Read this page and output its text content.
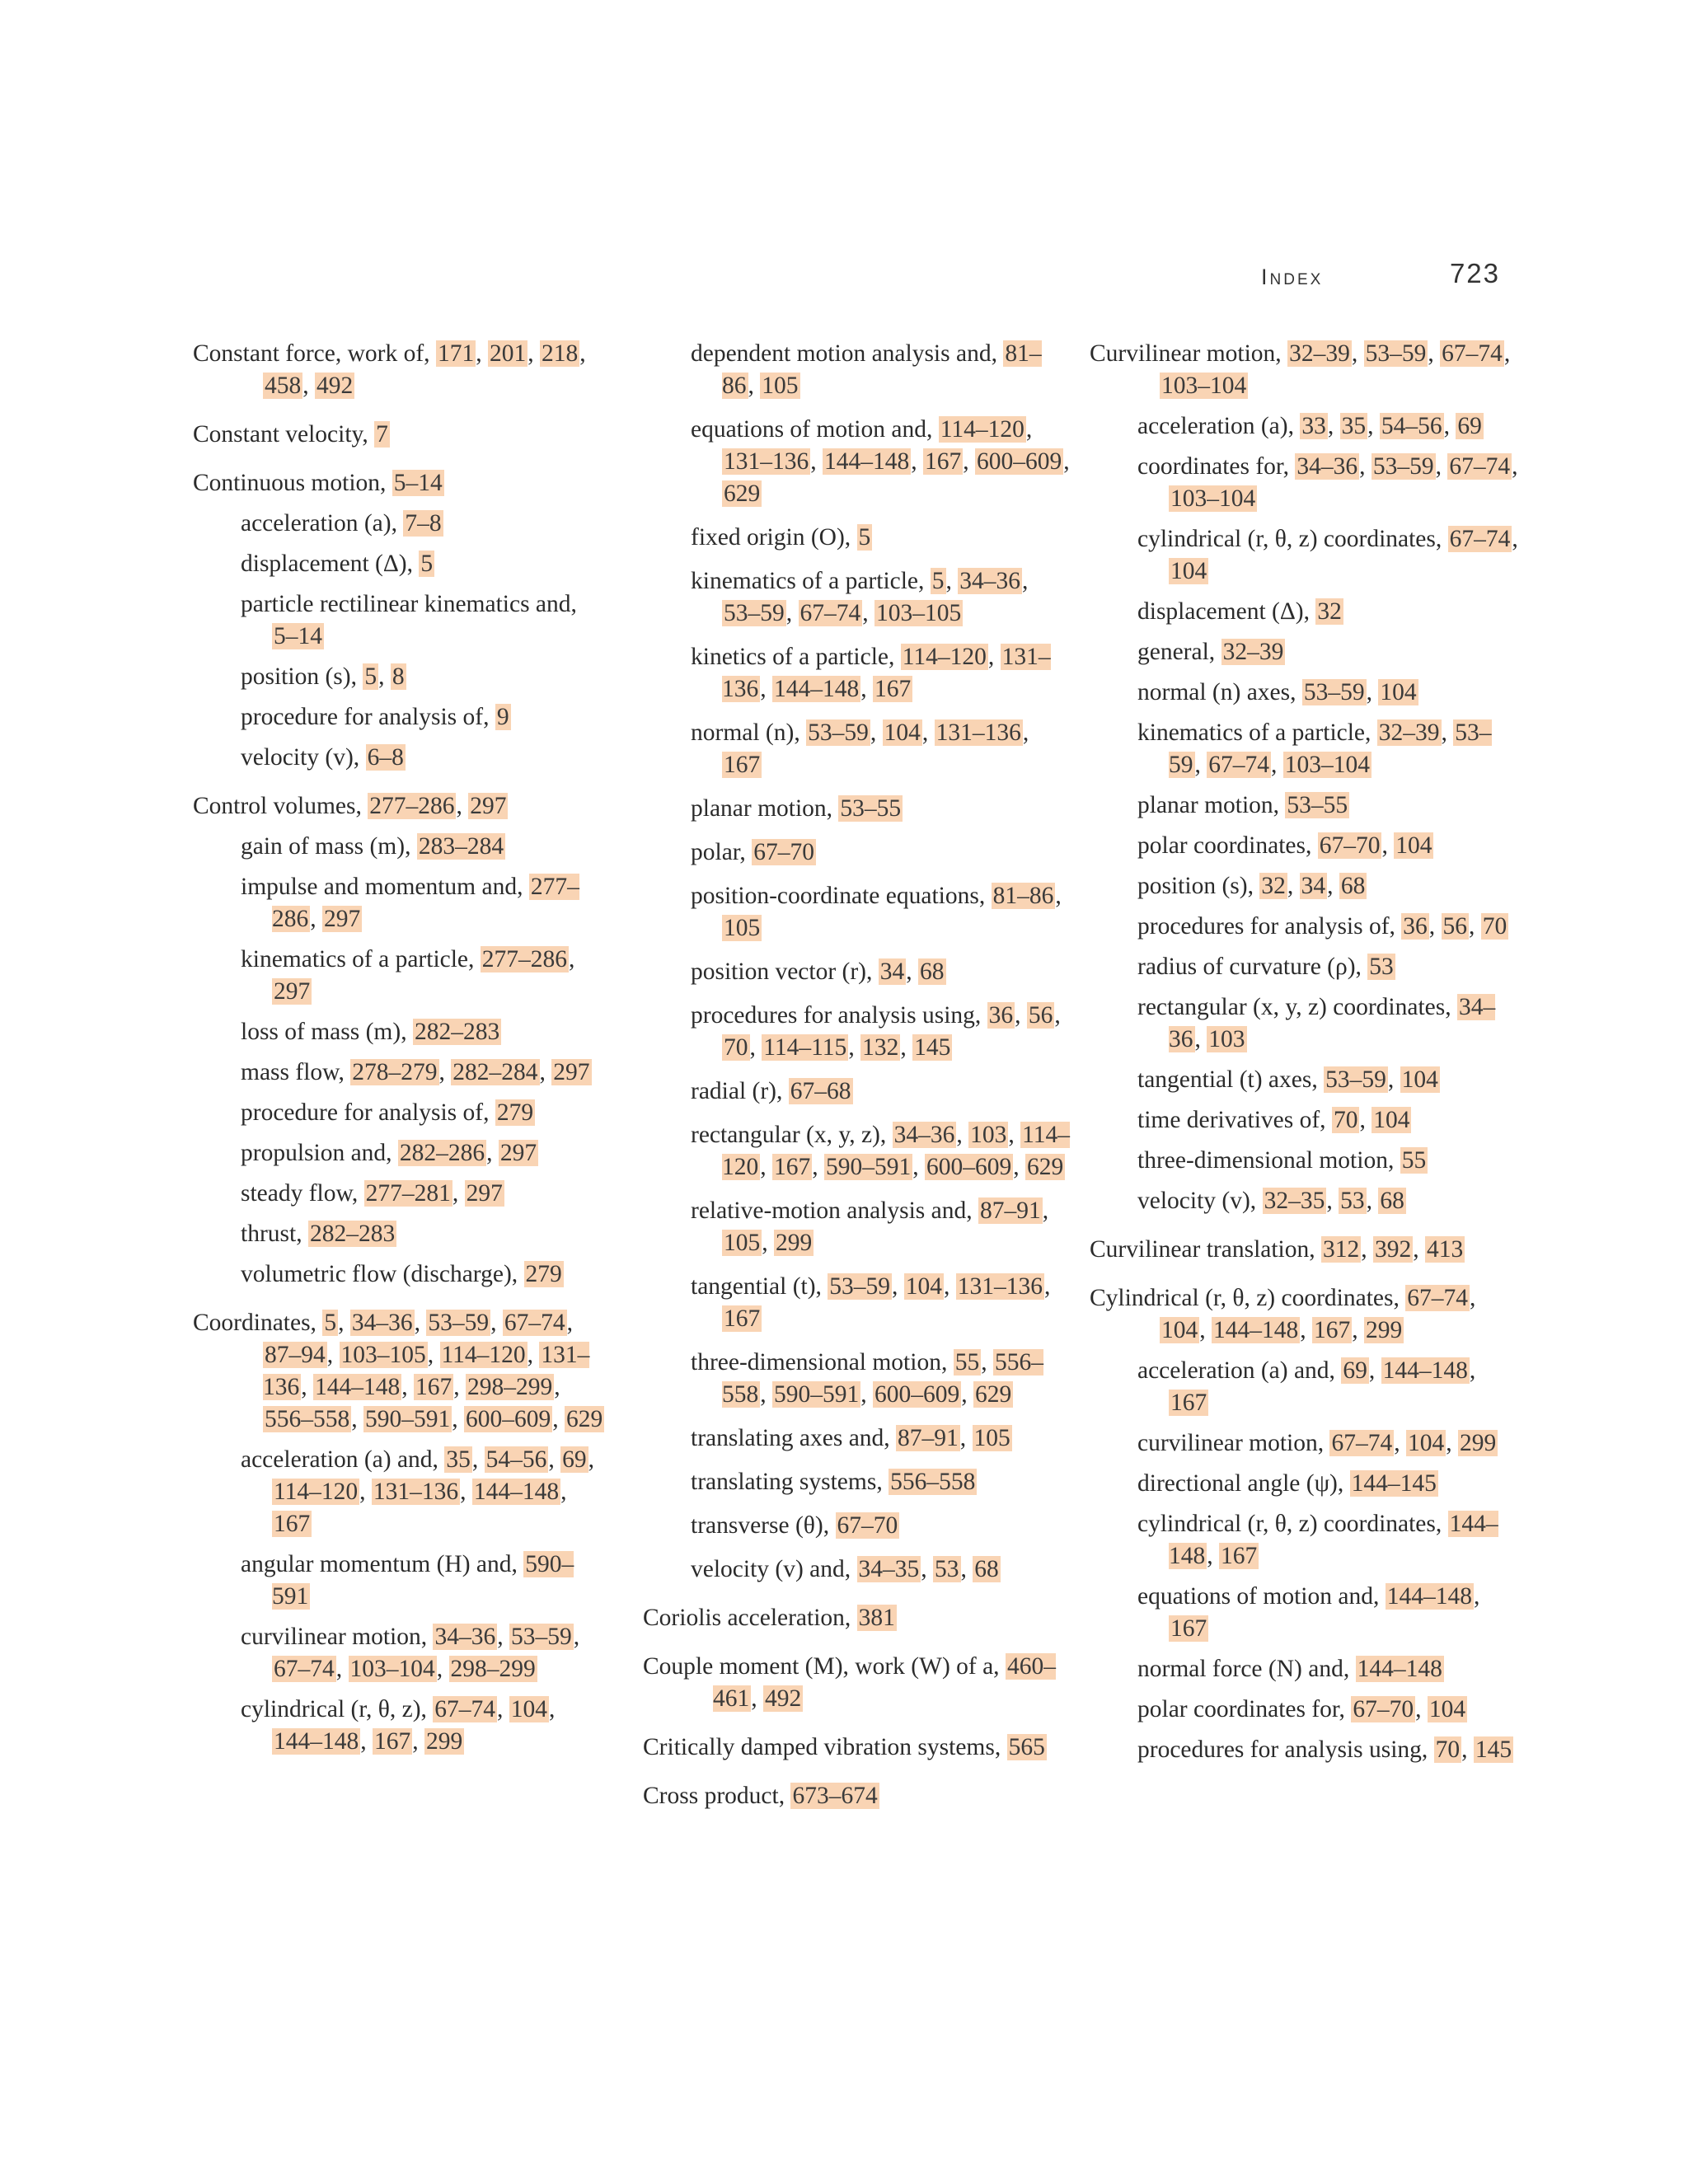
Index	723

Constant force, work of, 171, 201, 218, 458, 492

Constant velocity, 7

Continuous motion, 5–14

acceleration (a), 7–8

displacement (Δ), 5

particle rectilinear kinematics and, 5–14

position (s), 5, 8

procedure for analysis of, 9

velocity (v), 6–8

Control volumes, 277–286, 297

gain of mass (m), 283–284

impulse and momentum and, 277–286, 297

kinematics of a particle, 277–286, 297

loss of mass (m), 282–283

mass flow, 278–279, 282–284, 297

procedure for analysis of, 279

propulsion and, 282–286, 297

steady flow, 277–281, 297

thrust, 282–283

volumetric flow (discharge), 279

Coordinates, 5, 34–36, 53–59, 67–74, 87–94, 103–105, 114–120, 131–136, 144–148, 167, 298–299, 556–558, 590–591, 600–609, 629

acceleration (a) and, 35, 54–56, 69, 114–120, 131–136, 144–148, 167

angular momentum (H) and, 590–591

curvilinear motion, 34–36, 53–59, 67–74, 103–104, 298–299

cylindrical (r, θ, z), 67–74, 104, 144–148, 167, 299

dependent motion analysis and, 81–86, 105

equations of motion and, 114–120, 131–136, 144–148, 167, 600–609, 629

fixed origin (O), 5

kinematics of a particle, 5, 34–36, 53–59, 67–74, 103–105

kinetics of a particle, 114–120, 131–136, 144–148, 167

normal (n), 53–59, 104, 131–136, 167

planar motion, 53–55

polar, 67–70

position-coordinate equations, 81–86, 105

position vector (r), 34, 68

procedures for analysis using, 36, 56, 70, 114–115, 132, 145

radial (r), 67–68

rectangular (x, y, z), 34–36, 103, 114–120, 167, 590–591, 600–609, 629

relative-motion analysis and, 87–91, 105, 299

tangential (t), 53–59, 104, 131–136, 167

three-dimensional motion, 55, 556–558, 590–591, 600–609, 629

translating axes and, 87–91, 105

translating systems, 556–558

transverse (θ), 67–70

velocity (v) and, 34–35, 53, 68

Coriolis acceleration, 381

Couple moment (M), work (W) of a, 460–461, 492

Critically damped vibration systems, 565

Cross product, 673–674

Curvilinear motion, 32–39, 53–59, 67–74, 103–104

acceleration (a), 33, 35, 54–56, 69

coordinates for, 34–36, 53–59, 67–74, 103–104

cylindrical (r, θ, z) coordinates, 67–74, 104

displacement (Δ), 32

general, 32–39

normal (n) axes, 53–59, 104

kinematics of a particle, 32–39, 53–59, 67–74, 103–104

planar motion, 53–55

polar coordinates, 67–70, 104

position (s), 32, 34, 68

procedures for analysis of, 36, 56, 70

radius of curvature (ρ), 53

rectangular (x, y, z) coordinates, 34–36, 103

tangential (t) axes, 53–59, 104

time derivatives of, 70, 104

three-dimensional motion, 55

velocity (v), 32–35, 53, 68

Curvilinear translation, 312, 392, 413

Cylindrical (r, θ, z) coordinates, 67–74, 104, 144–148, 167, 299

acceleration (a) and, 69, 144–148, 167

curvilinear motion, 67–74, 104, 299

directional angle (ψ), 144–145

cylindrical (r, θ, z) coordinates, 144–148, 167

equations of motion and, 144–148, 167

normal force (N) and, 144–148

polar coordinates for, 67–70, 104

procedures for analysis using, 70, 145
